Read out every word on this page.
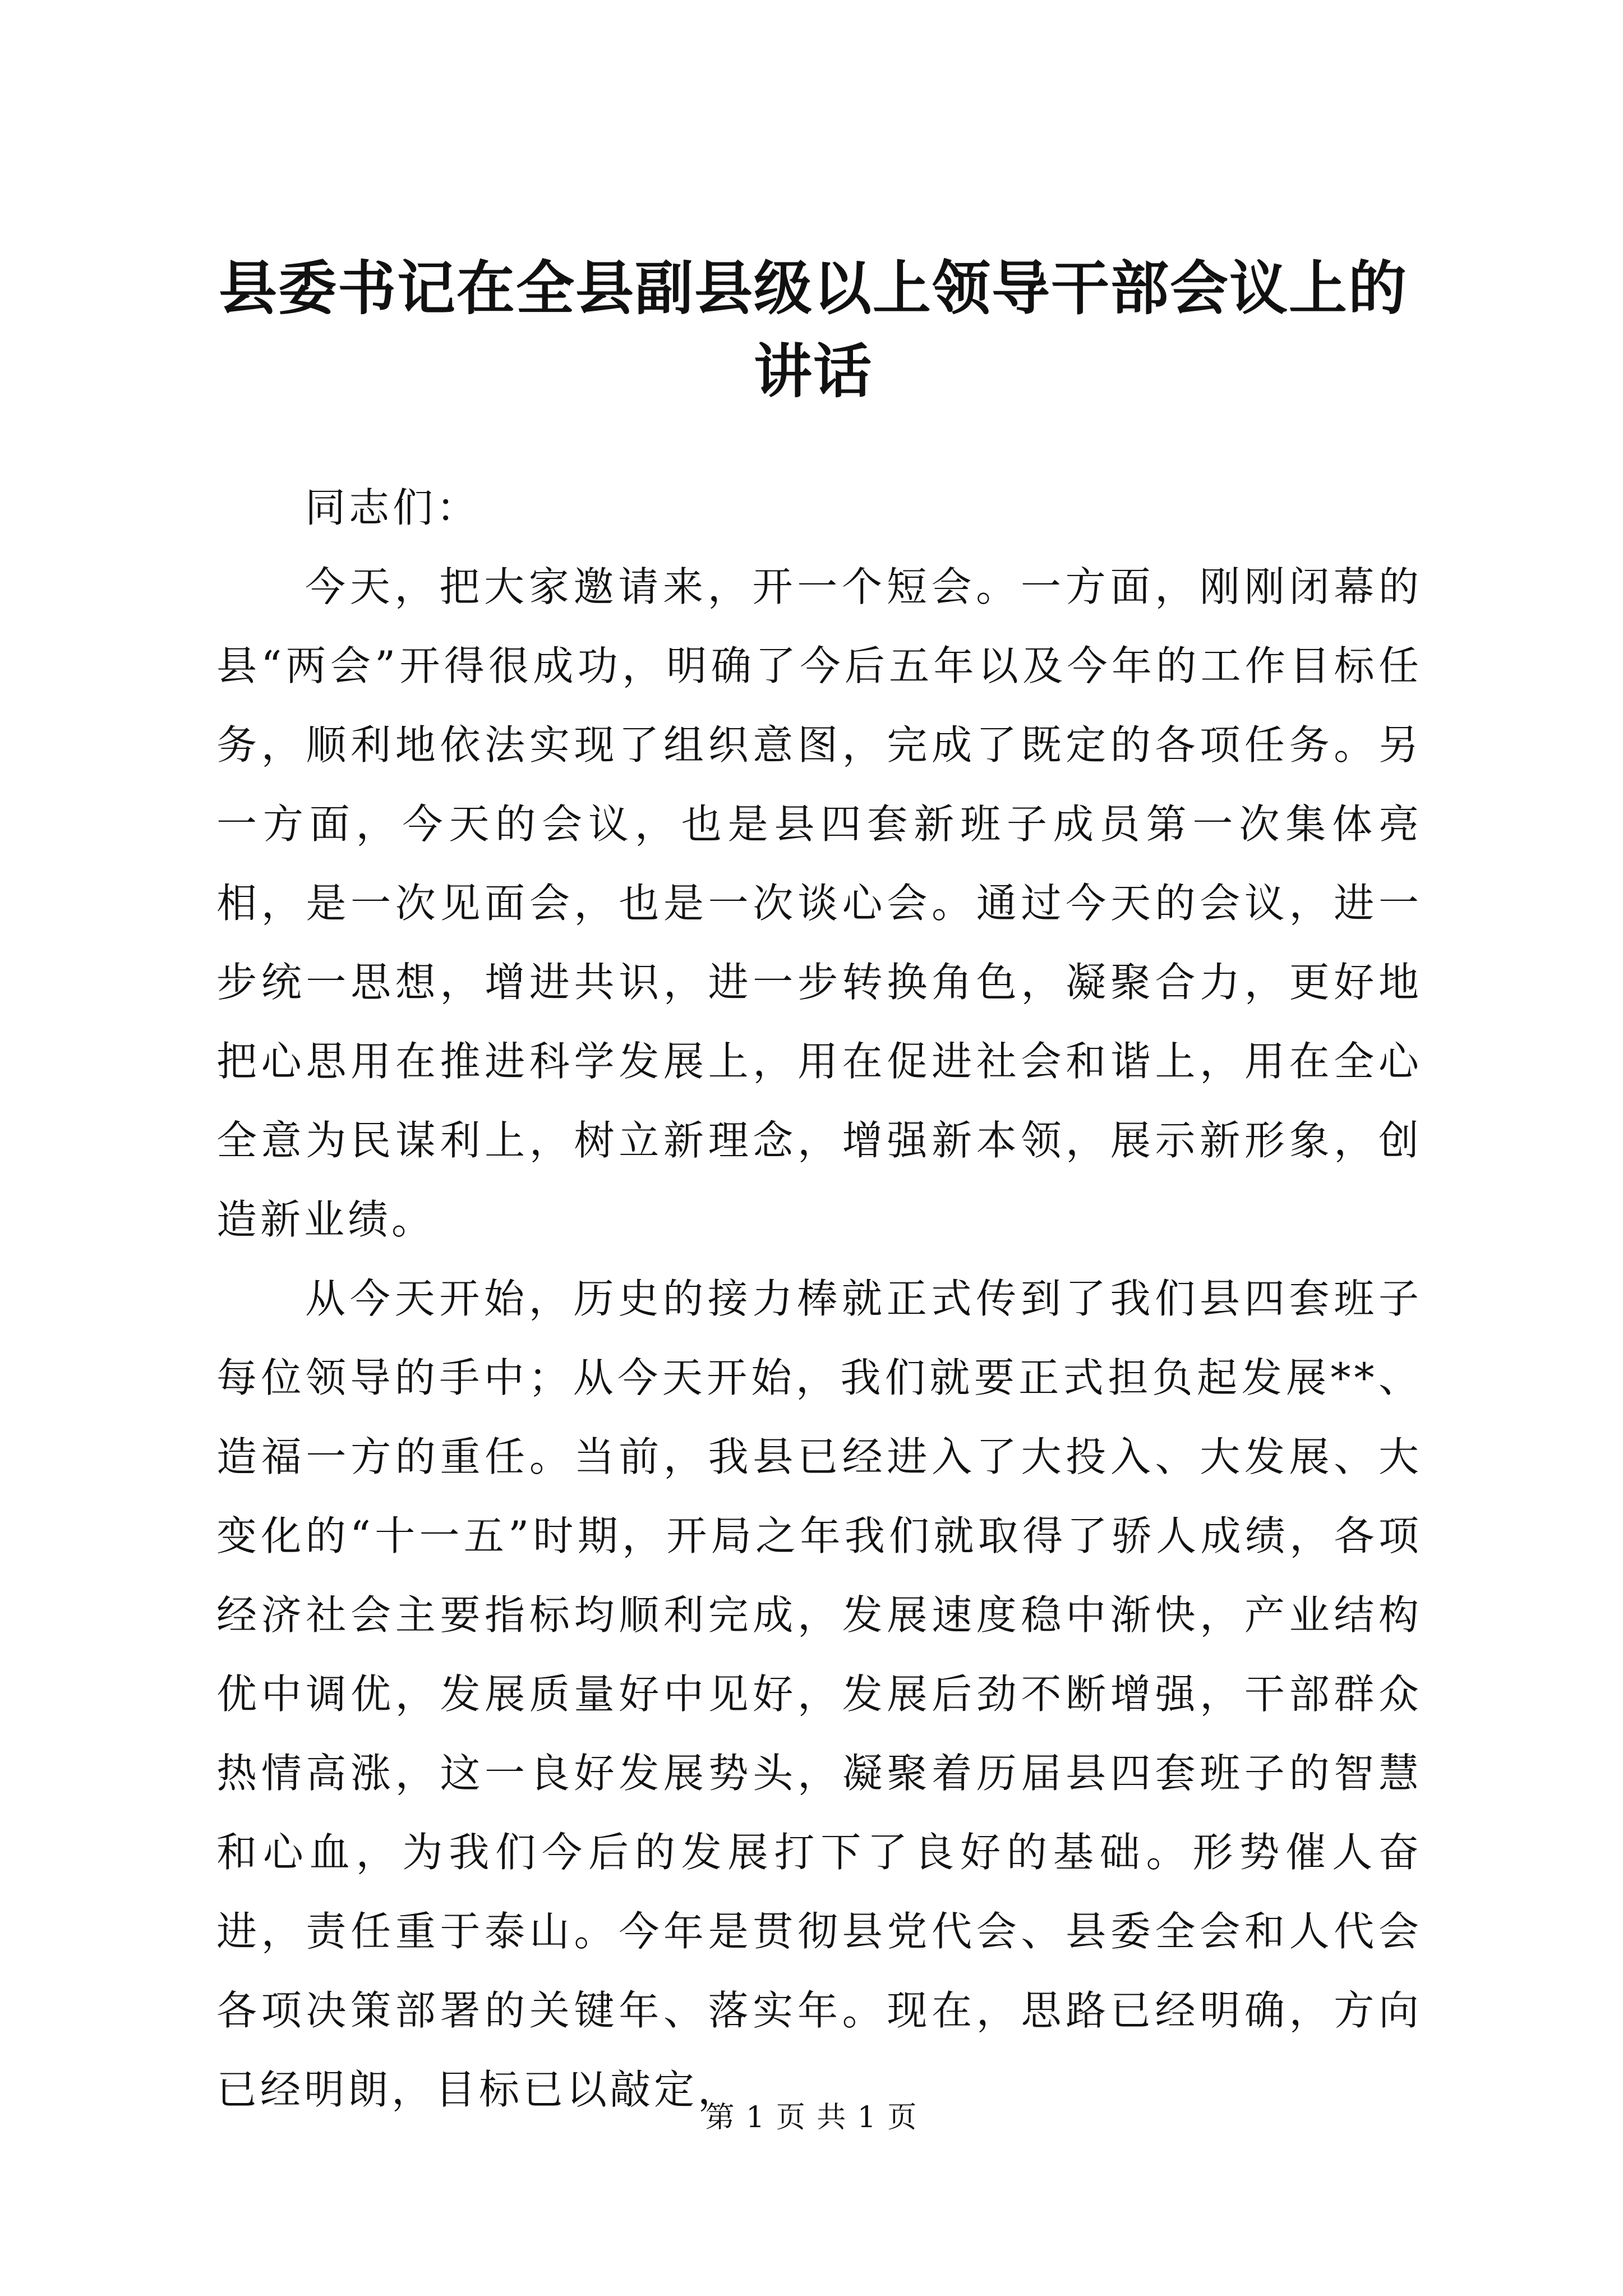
县委书记在全县副县级以上领导干部会议上的
讲话

同志们：

今天，把大家邀请来，开一个短会。一方面，刚刚闭幕的县“两会”开得很成功，明确了今后五年以及今年的工作目标任务，顺利地依法实现了组织意图，完成了既定的各项任务。另一方面，今天的会议，也是县四套新班子成员第一次集体亮相，是一次见面会，也是一次谈心会。通过今天的会议，进一步统一思想，增进共识，进一步转换角色，凝聚合力，更好地把心思用在推进科学发展上，用在促进社会和谐上，用在全心全意为民谋利上，树立新理念，增强新本领，展示新形象，创造新业绩。

从今天开始，历史的接力棒就正式传到了我们县四套班子每位领导的手中；从今天开始，我们就要正式担负起发展**、造福一方的重任。当前，我县已经进入了大投入、大发展、大变化的“十一五”时期，开局之年我们就取得了骄人成绩，各项经济社会主要指标均顺利完成，发展速度稳中渐快，产业结构优中调优，发展质量好中见好，发展后劲不断增强，干部群众热情高涨，这一良好发展势头，凝聚着历届县四套班子的智慧和心血，为我们今后的发展打下了良好的基础。形势催人奋进，责任重于泰山。今年是贯彻县党代会、县委全会和人代会各项决策部署的关键年、落实年。现在，思路已经明确，方向已经明朗，目标已以敲定，

第 1 页 共 1 页
